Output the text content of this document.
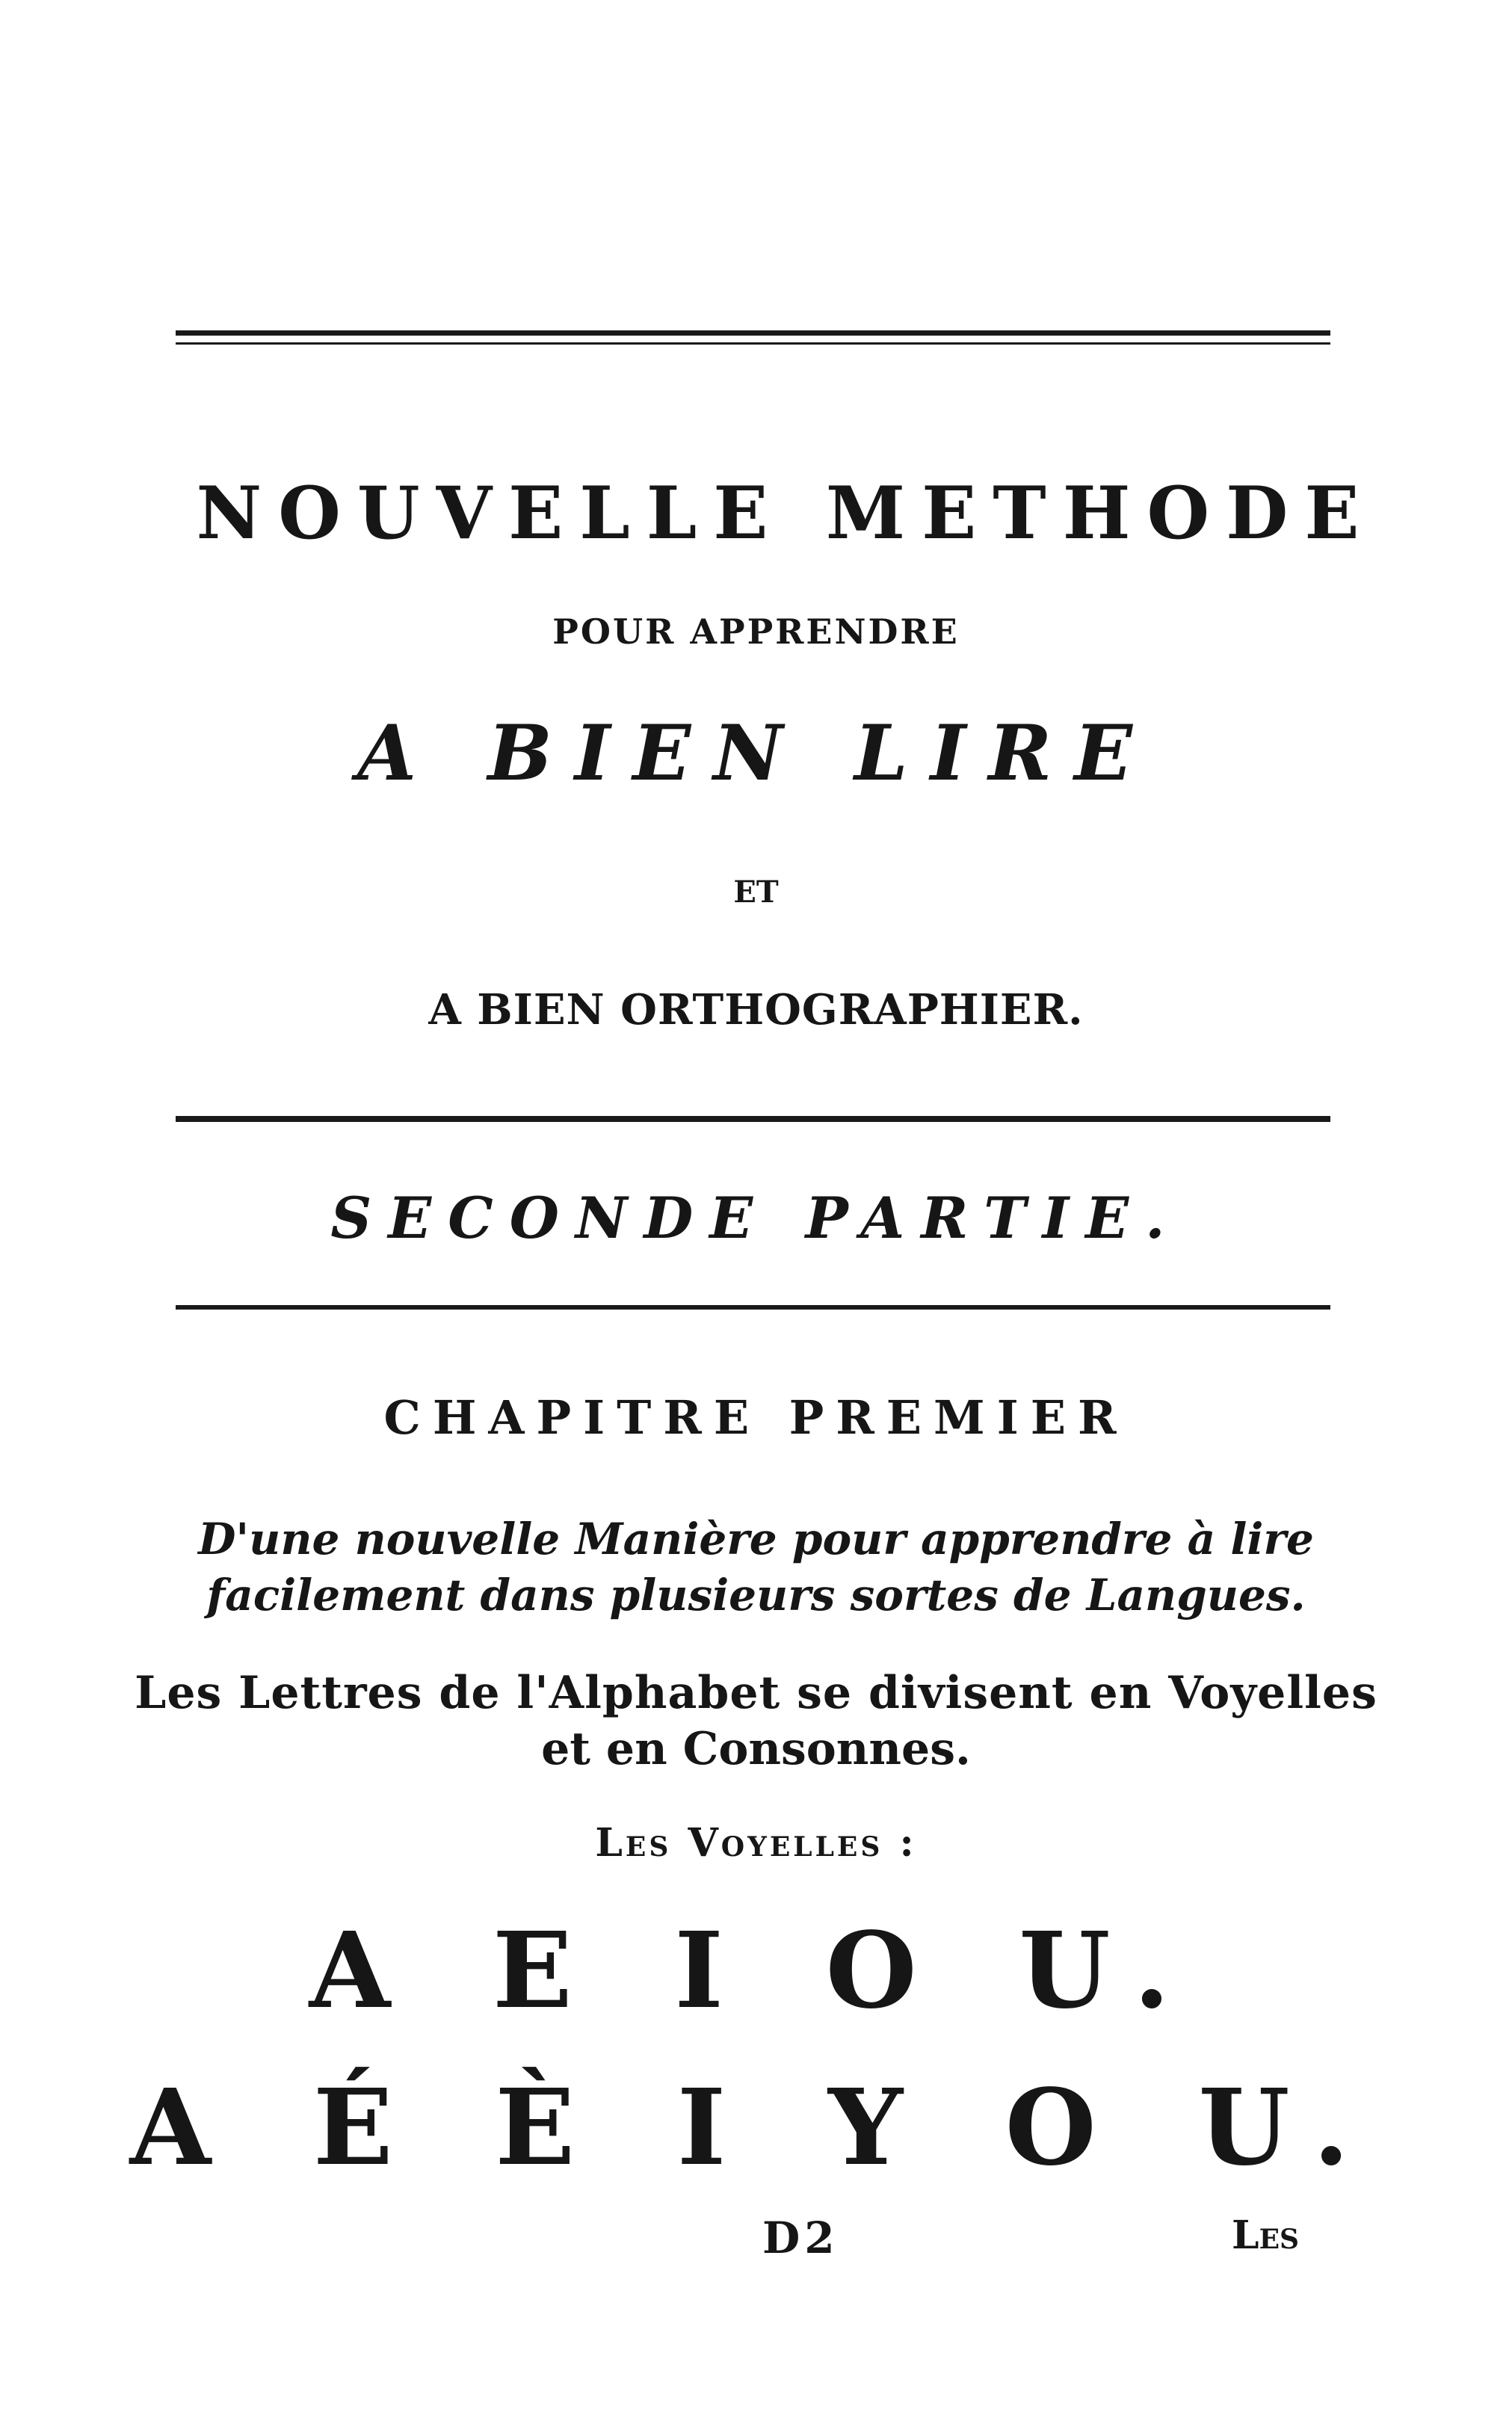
NOUVELLE METHODE
POUR APPRENDRE
A BIEN LIRE
ET
A BIEN ORTHOGRAPHIER.
SECONDE PARTIE.
CHAPITRE PREMIER
D'une nouvelle Manière pour apprendre à lire
facilement dans plusieurs sortes de Langues.
Les Lettres de l'Alphabet se divisent en Voyelles
et en Consonnes.
Les Voyelles :
A E I O U.
A É È I Y O U.
D2	Les
